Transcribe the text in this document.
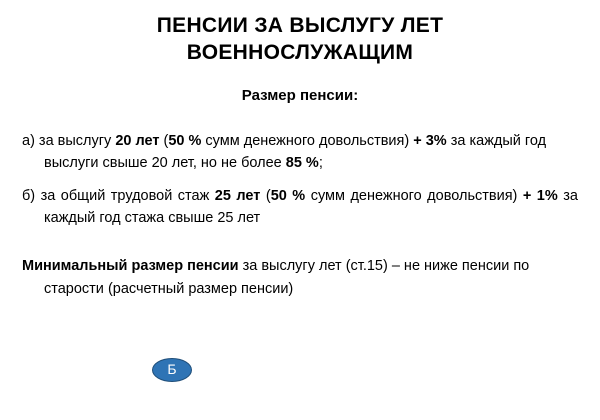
ПЕНСИИ ЗА ВЫСЛУГУ ЛЕТ
ВОЕННОСЛУЖАЩИМ
Размер пенсии:

а) за выслугу 20 лет (50 % сумм денежного довольствия) + 3% за каждый год выслуги свыше 20 лет, но не более 85 %;

б) за общий трудовой стаж 25 лет (50 % сумм денежного довольствия) + 1% за каждый год стажа свыше 25 лет

Минимальный размер пенсии за выслугу лет (ст.15) – не ниже пенсии по старости (расчетный размер пенсии)
Б
